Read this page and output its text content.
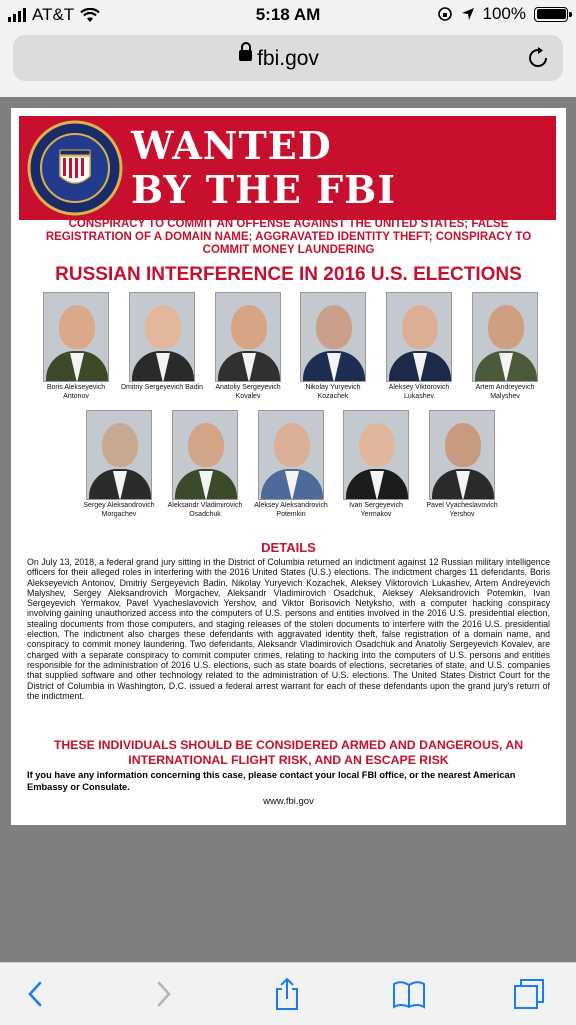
AT&T	5:18 AM	100%
fbi.gov
WANTED
BY THE FBI
CONSPIRACY TO COMMIT AN OFFENSE AGAINST THE UNITED STATES; FALSE REGISTRATION OF A DOMAIN NAME; AGGRAVATED IDENTITY THEFT; CONSPIRACY TO COMMIT MONEY LAUNDERING
RUSSIAN INTERFERENCE IN 2016 U.S. ELECTIONS
Boris Alekseyevich Antonov
Dmitriy Sergeyevich Badin	Anatoliy Sergeyevich Kovalev
Nikolay Yuryevich Kozachek
Aleksey Viktorovich Lukashev
Artem Andreyevich Malyshev
Sergey Aleksandrovich Morgachev
Aleksandr Vladimirovich Osadchuk
Aleksey Aleksandrovich Potemkin
Ivan Sergeyevich Yermakov
Pavel Vyacheslavovich Yershov
DETAILS
On July 13, 2018, a federal grand jury sitting in the District of Columbia returned an indictment against 12 Russian military intelligence officers for their alleged roles in interfering with the 2016 United States (U.S.) elections. The indictment charges 11 defendants, Boris Alekseyevich Antonov, Dmitriy Sergeyevich Badin, Nikolay Yuryevich Kozachek, Aleksey Viktorovich Lukashev, Artem Andreyevich Malyshev, Sergey Aleksandrovich Morgachev, Aleksandr Vladimirovich Osadchuk, Aleksey Aleksandrovich Potemkin, Ivan Sergeyevich Yermakov, Pavel Vyacheslavovich Yershov, and Viktor Borisovich Netyksho, with a computer hacking conspiracy involving gaining unauthorized access into the computers of U.S. persons and entities involved in the 2016 U.S. presidential election, stealing documents from those computers, and staging releases of the stolen documents to interfere with the 2016 U.S. presidential election. The indictment also charges these defendants with aggravated identity theft, false registration of a domain name, and conspiracy to commit money laundering. Two defendants, Aleksandr Vladimirovich Osadchuk and Anatoliy Sergeyevich Kovalev, are charged with a separate conspiracy to commit computer crimes, relating to hacking into the computers of U.S. persons and entities responsible for the administration of 2016 U.S. elections, such as state boards of elections, secretaries of state, and U.S. companies that supplied software and other technology related to the administration of U.S. elections. The United States District Court for the District of Columbia in Washington, D.C. issued a federal arrest warrant for each of these defendants upon the grand jury's return of the indictment.
THESE INDIVIDUALS SHOULD BE CONSIDERED ARMED AND DANGEROUS, AN INTERNATIONAL FLIGHT RISK, AND AN ESCAPE RISK
If you have any information concerning this case, please contact your local FBI office, or the nearest American Embassy or Consulate.
www.fbi.gov
